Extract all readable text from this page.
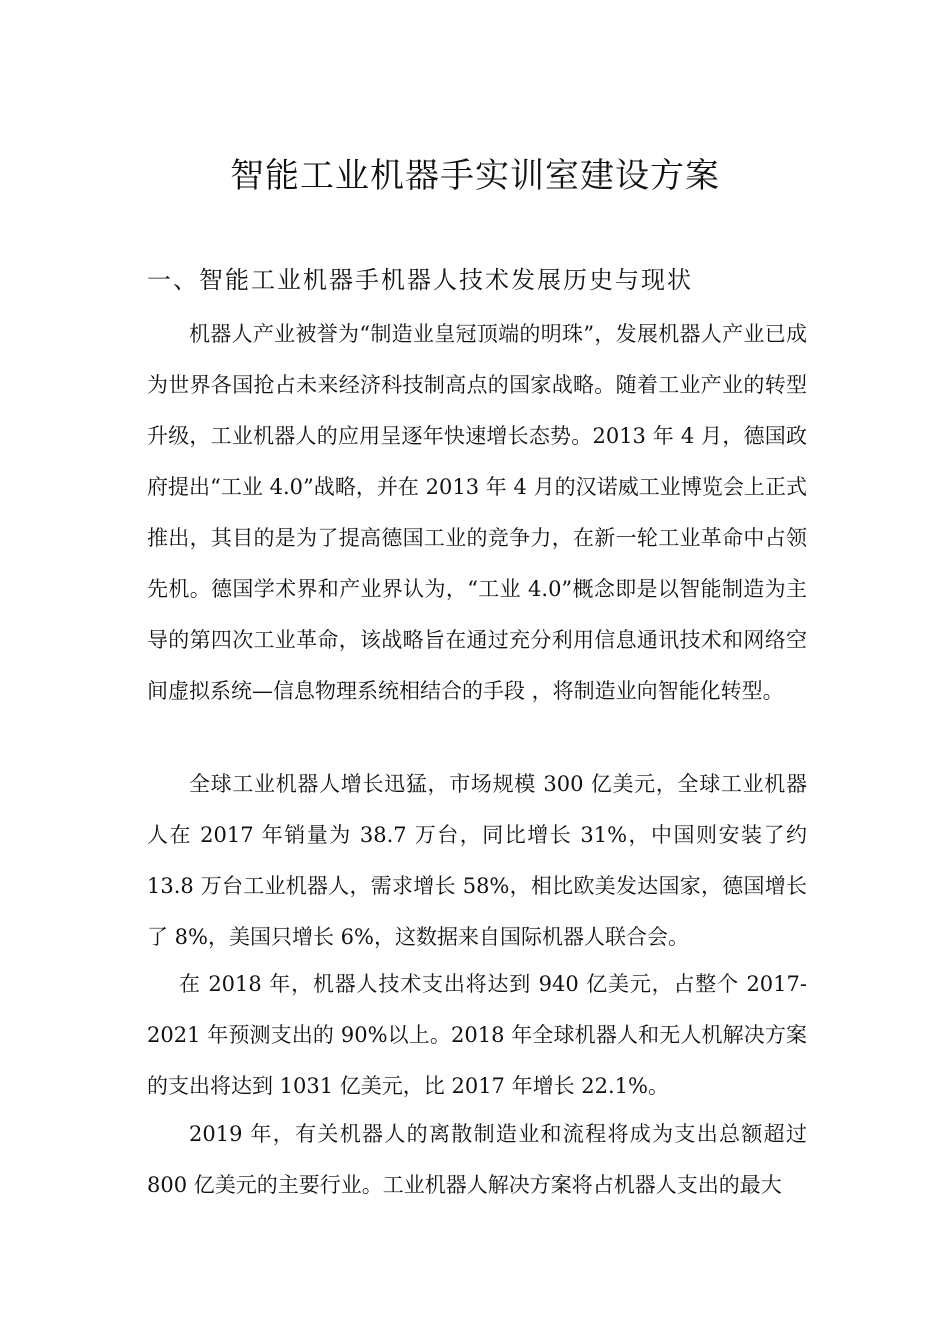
智能工业机器手实训室建设方案
一、智能工业机器手机器人技术发展历史与现状

机器人产业被誉为“制造业皇冠顶端的明珠”，发展机器人产业已成为世界各国抢占未来经济科技制高点的国家战略。随着工业产业的转型升级，工业机器人的应用呈逐年快速增长态势。2013 年 4 月，德国政府提出“工业 4.0”战略，并在 2013 年 4 月的汉诺威工业博览会上正式推出，其目的是为了提高德国工业的竞争力，在新一轮工业革命中占领先机。德国学术界和产业界认为，“工业 4.0”概念即是以智能制造为主导的第四次工业革命，该战略旨在通过充分利用信息通讯技术和网络空间虚拟系统—信息物理系统相结合的手段 ，将制造业向智能化转型。

全球工业机器人增长迅猛，市场规模 300 亿美元，全球工业机器人在 2017 年销量为 38.7 万台，同比增长 31%，中国则安装了约 13.8 万台工业机器人，需求增长 58%，相比欧美发达国家，德国增长了 8%，美国只增长 6%，这数据来自国际机器人联合会。

在 2018 年，机器人技术支出将达到 940 亿美元，占整个 2017-2021 年预测支出的 90%以上。2018 年全球机器人和无人机解决方案的支出将达到 1031 亿美元，比 2017 年增长 22.1%。

2019 年，有关机器人的离散制造业和流程将成为支出总额超过 800 亿美元的主要行业。工业机器人解决方案将占机器人支出的最大
